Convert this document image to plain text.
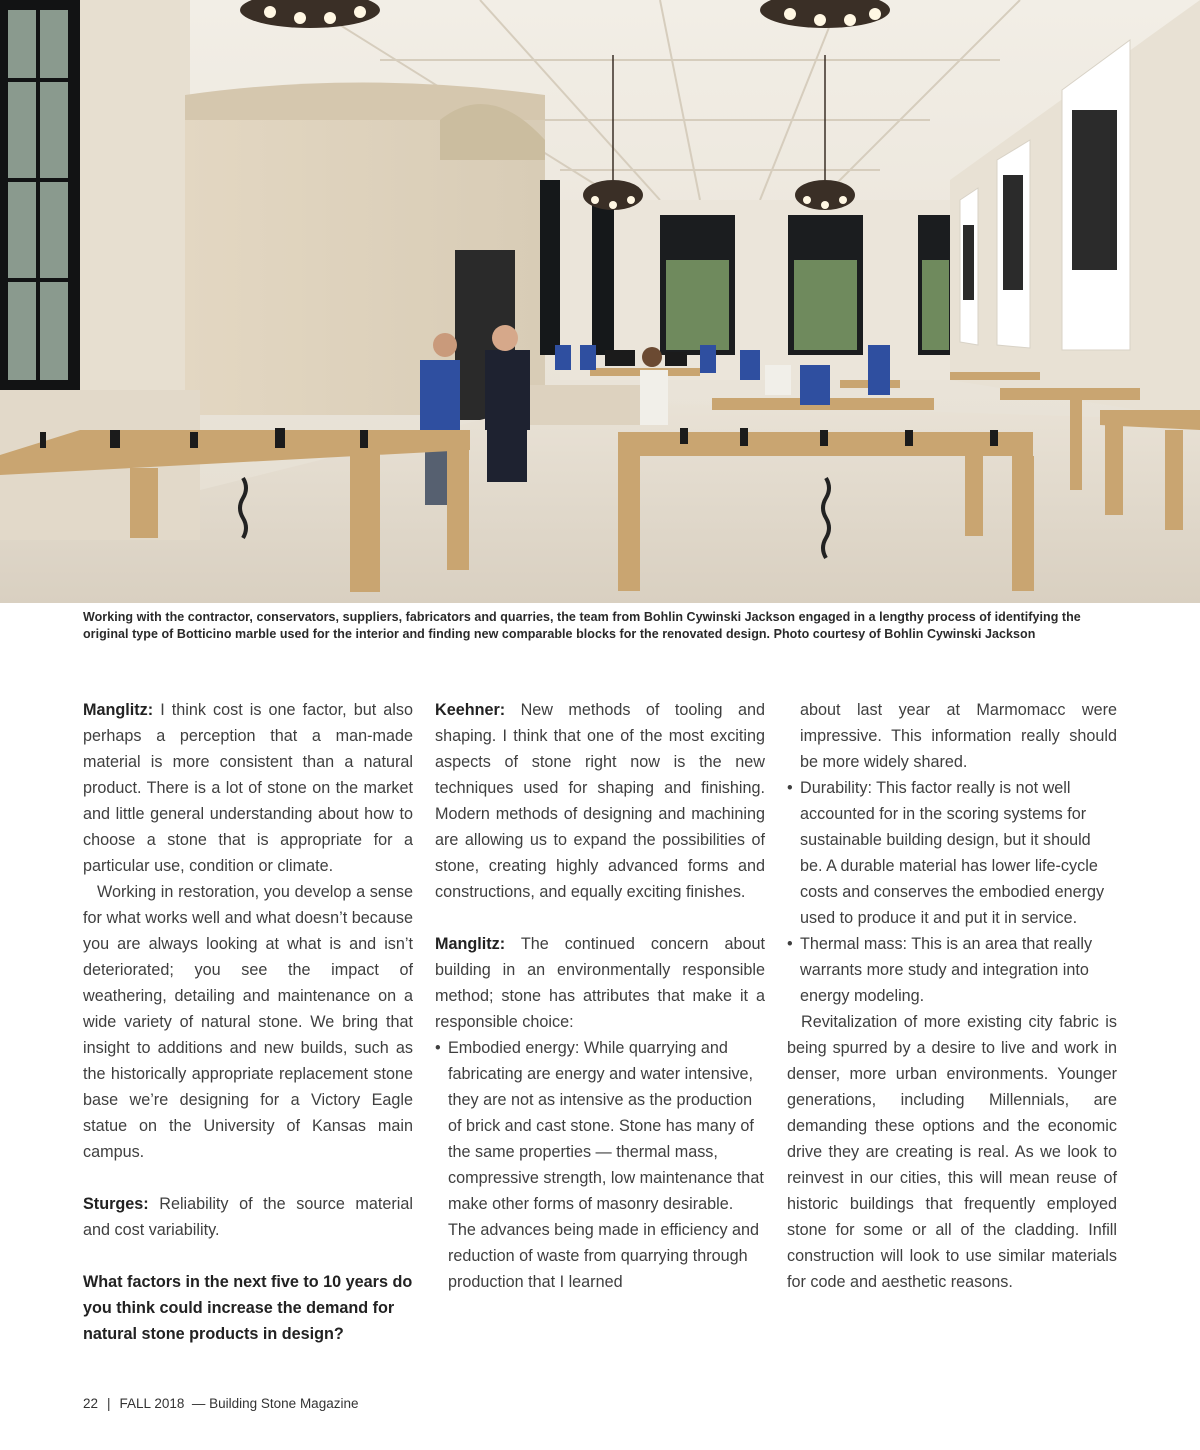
Working with the contractor, conservators, suppliers, fabricators and quarries, the team from Bohlin Cywinski Jackson engaged in a lengthy process of identifying the original type of Botticino marble used for the interior and finding new comparable blocks for the renovated design. Photo courtesy of Bohlin Cywinski Jackson

Manglitz: I think cost is one factor, but also perhaps a perception that a man-made material is more consistent than a natural product. There is a lot of stone on the market and little general understanding about how to choose a stone that is appropriate for a particular use, condition or climate.

Working in restoration, you develop a sense for what works well and what doesn’t because you are always looking at what is and isn’t deteriorated; you see the impact of weathering, detailing and maintenance on a wide variety of natural stone. We bring that insight to additions and new builds, such as the historically appropriate replacement stone base we’re designing for a Victory Eagle statue on the University of Kansas main campus.

Sturges: Reliability of the source material and cost variability.

What factors in the next five to 10 years do you think could increase the demand for natural stone products in design?

Keehner: New methods of tooling and shaping. I think that one of the most exciting aspects of stone right now is the new techniques used for shaping and finishing. Modern methods of designing and machining are allowing us to expand the possibilities of stone, creating highly advanced forms and constructions, and equally exciting finishes.

Manglitz: The continued concern about building in an environmentally responsible method; stone has attributes that make it a responsible choice:

• Embodied energy: While quarrying and fabricating are energy and water intensive, they are not as intensive as the production of brick and cast stone. Stone has many of the same properties — thermal mass, compressive strength, low maintenance that make other forms of masonry desirable. The advances being made in efficiency and reduction of waste from quarrying through production that I learned

about last year at Marmomacc were impressive. This information really should be more widely shared.

• Durability: This factor really is not well accounted for in the scoring systems for sustainable building design, but it should be. A durable material has lower life-cycle costs and conserves the embodied energy used to produce it and put it in service.
• Thermal mass: This is an area that really warrants more study and integration into energy modeling.

Revitalization of more existing city fabric is being spurred by a desire to live and work in denser, more urban environments. Younger generations, including Millennials, are demanding these options and the economic drive they are creating is real. As we look to reinvest in our cities, this will mean reuse of historic buildings that frequently employed stone for some or all of the cladding. Infill construction will look to use similar materials for code and aesthetic reasons.

22 | FALL 2018 — Building Stone Magazine
